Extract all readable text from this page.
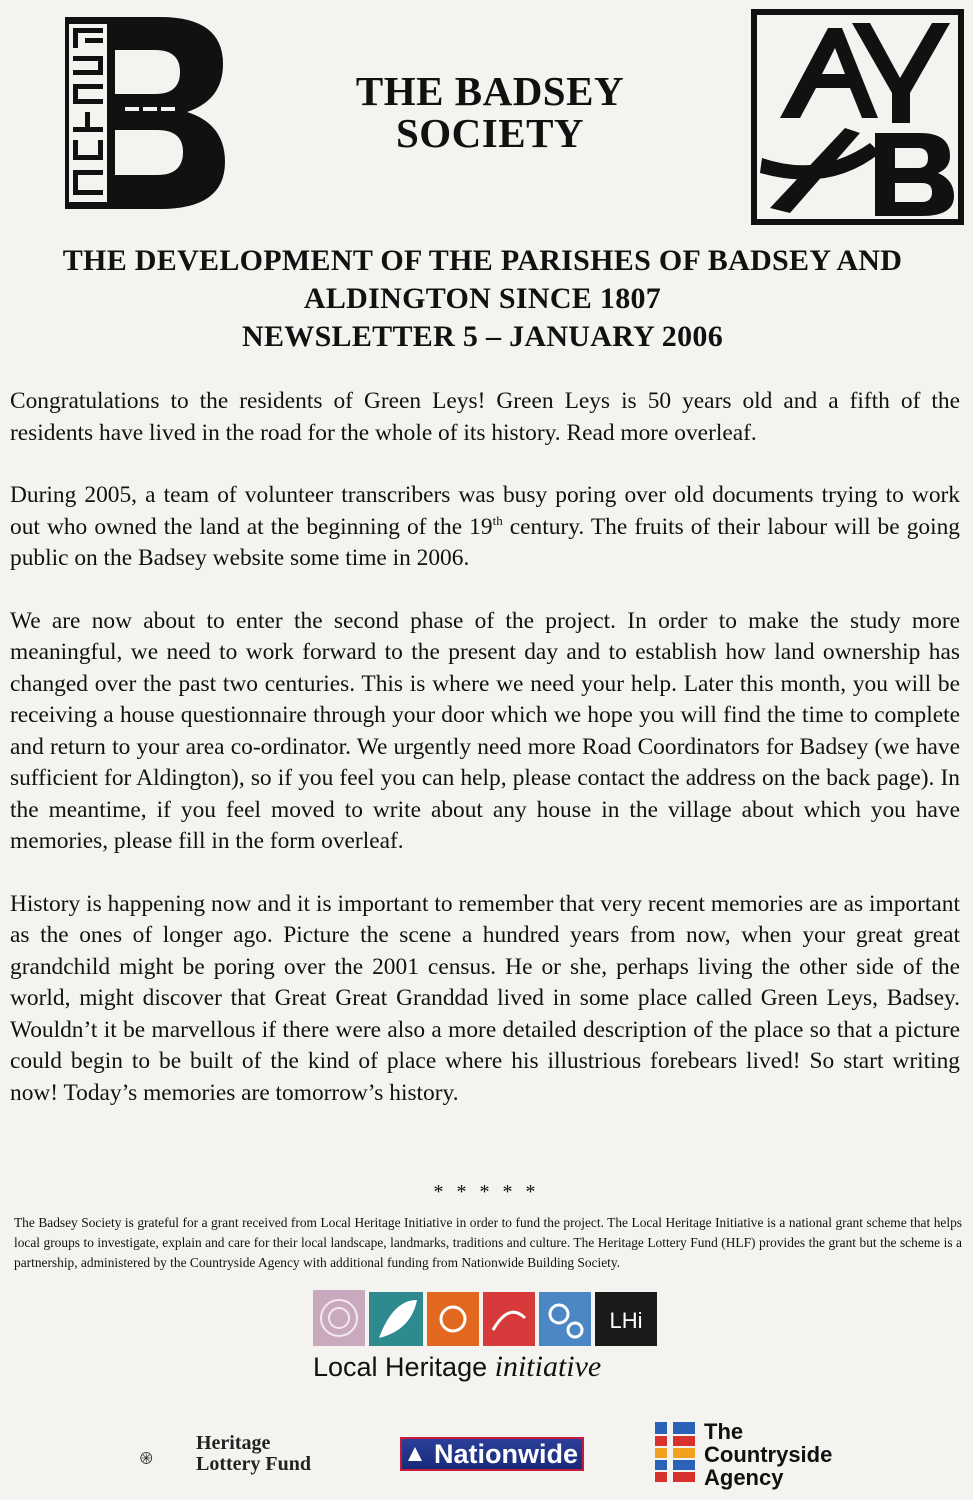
THE BADSEY
SOCIETY
THE DEVELOPMENT OF THE PARISHES OF BADSEY AND
ALDINGTON SINCE 1807
NEWSLETTER 5 – JANUARY 2006

Congratulations to the residents of Green Leys! Green Leys is 50 years old and a fifth of the residents have lived in the road for the whole of its history. Read more overleaf.

During 2005, a team of volunteer transcribers was busy poring over old documents trying to work out who owned the land at the beginning of the 19th century. The fruits of their labour will be going public on the Badsey website some time in 2006.

We are now about to enter the second phase of the project. In order to make the study more meaningful, we need to work forward to the present day and to establish how land ownership has changed over the past two centuries. This is where we need your help. Later this month, you will be receiving a house questionnaire through your door which we hope you will find the time to complete and return to your area co-ordinator. We urgently need more Road Coordinators for Badsey (we have sufficient for Aldington), so if you feel you can help, please contact the address on the back page). In the meantime, if you feel moved to write about any house in the village about which you have memories, please fill in the form overleaf.

History is happening now and it is important to remember that very recent memories are as important as the ones of longer ago. Picture the scene a hundred years from now, when your great great grandchild might be poring over the 2001 census. He or she, perhaps living the other side of the world, might discover that Great Great Granddad lived in some place called Green Leys, Badsey. Wouldn’t it be marvellous if there were also a more detailed description of the place so that a picture could begin to be built of the kind of place where his illustrious forebears lived! So start writing now! Today’s memories are tomorrow’s history.

* * * * *
The Badsey Society is grateful for a grant received from Local Heritage Initiative in order to fund the project. The Local Heritage Initiative is a national grant scheme that helps local groups to investigate, explain and care for their local landscape, landmarks, traditions and culture. The Heritage Lottery Fund (HLF) provides the grant but the scheme is a partnership, administered by the Countryside Agency with additional funding from Nationwide Building Society.
LHi
Local Heritage initiative
Heritage
Lottery Fund	Nationwide
The
Countryside
Agency
